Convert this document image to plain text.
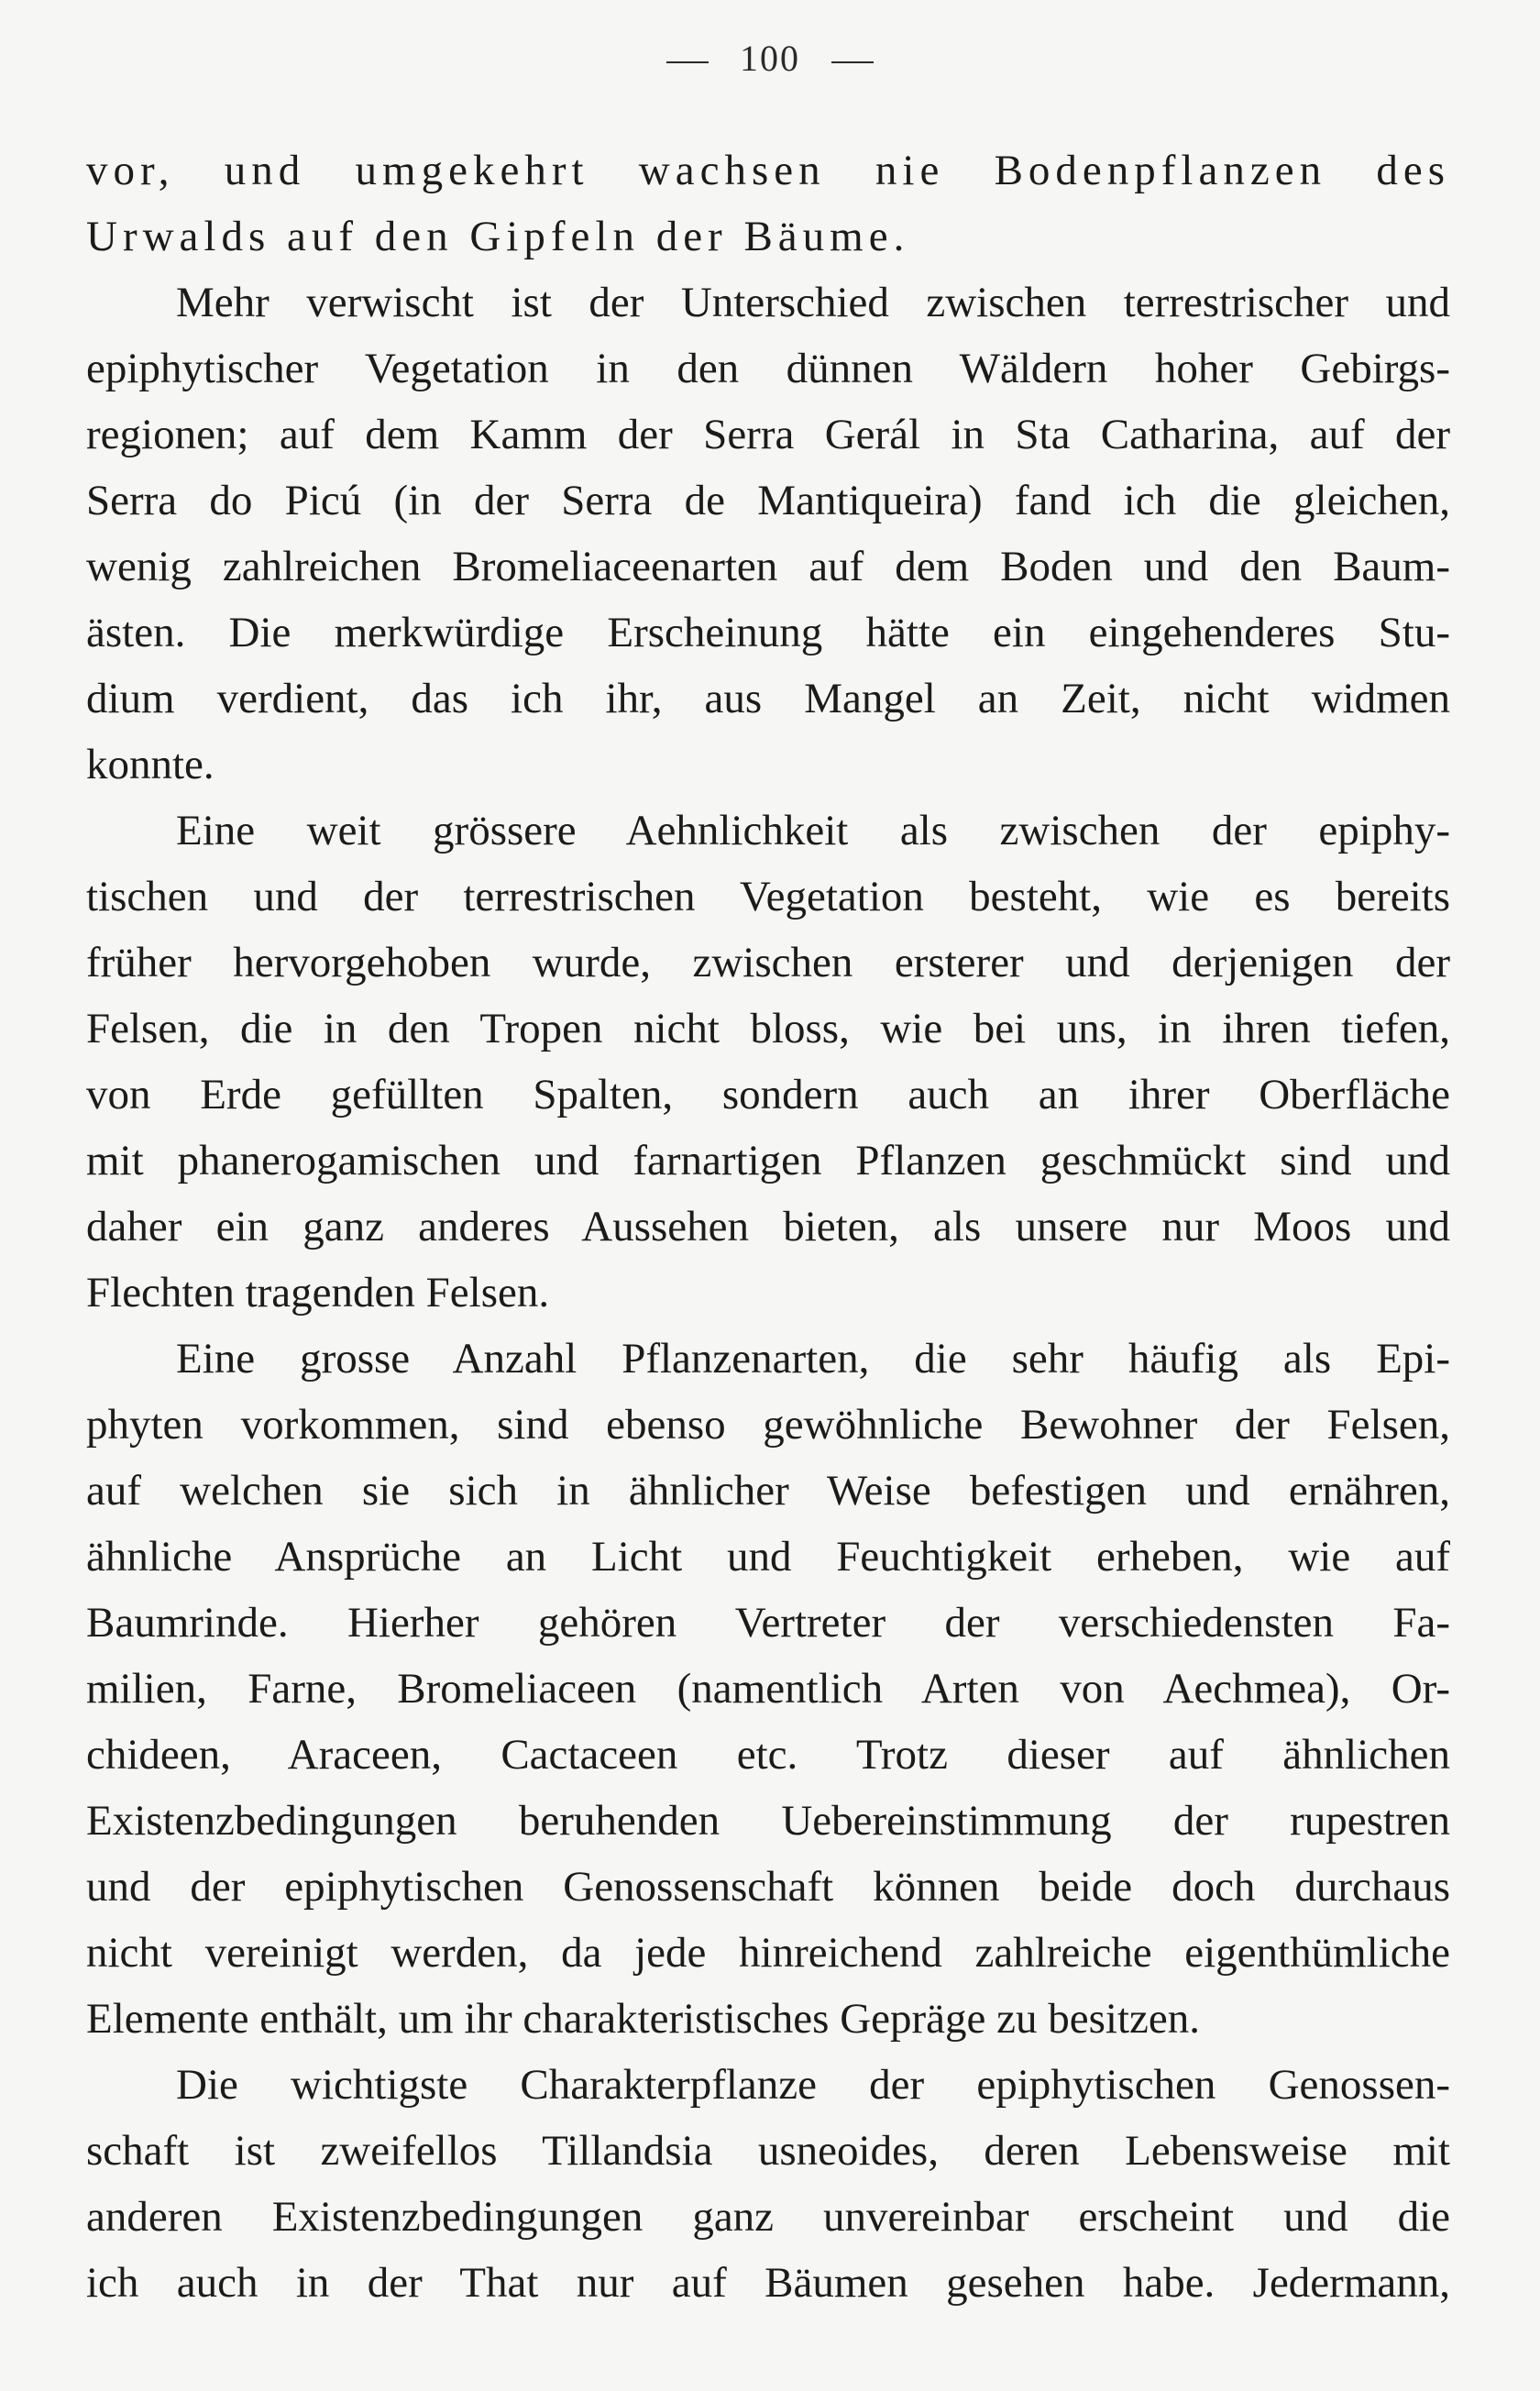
100
vor, und umgekehrt wachsen nie Bodenpflanzen des
Urwalds auf den Gipfeln der Bäume.
Mehr verwischt ist der Unterschied zwischen terrestrischer und
epiphytischer Vegetation in den dünnen Wäldern hoher Gebirgs-
regionen; auf dem Kamm der Serra Gerál in Sta Catharina, auf der
Serra do Picú (in der Serra de Mantiqueira) fand ich die gleichen,
wenig zahlreichen Bromeliaceenarten auf dem Boden und den Baum-
ästen. Die merkwürdige Erscheinung hätte ein eingehenderes Stu-
dium verdient, das ich ihr, aus Mangel an Zeit, nicht widmen
konnte.
Eine weit grössere Aehnlichkeit als zwischen der epiphy-
tischen und der terrestrischen Vegetation besteht, wie es bereits
früher hervorgehoben wurde, zwischen ersterer und derjenigen der
Felsen, die in den Tropen nicht bloss, wie bei uns, in ihren tiefen,
von Erde gefüllten Spalten, sondern auch an ihrer Oberfläche
mit phanerogamischen und farnartigen Pflanzen geschmückt sind und
daher ein ganz anderes Aussehen bieten, als unsere nur Moos und
Flechten tragenden Felsen.
Eine grosse Anzahl Pflanzenarten, die sehr häufig als Epi-
phyten vorkommen, sind ebenso gewöhnliche Bewohner der Felsen,
auf welchen sie sich in ähnlicher Weise befestigen und ernähren,
ähnliche Ansprüche an Licht und Feuchtigkeit erheben, wie auf
Baumrinde. Hierher gehören Vertreter der verschiedensten Fa-
milien, Farne, Bromeliaceen (namentlich Arten von Aechmea), Or-
chideen, Araceen, Cactaceen etc. Trotz dieser auf ähnlichen
Existenzbedingungen beruhenden Uebereinstimmung der rupestren
und der epiphytischen Genossenschaft können beide doch durchaus
nicht vereinigt werden, da jede hinreichend zahlreiche eigenthümliche
Elemente enthält, um ihr charakteristisches Gepräge zu besitzen.
Die wichtigste Charakterpflanze der epiphytischen Genossen-
schaft ist zweifellos Tillandsia usneoides, deren Lebensweise mit
anderen Existenzbedingungen ganz unvereinbar erscheint und die
ich auch in der That nur auf Bäumen gesehen habe. Jedermann,
